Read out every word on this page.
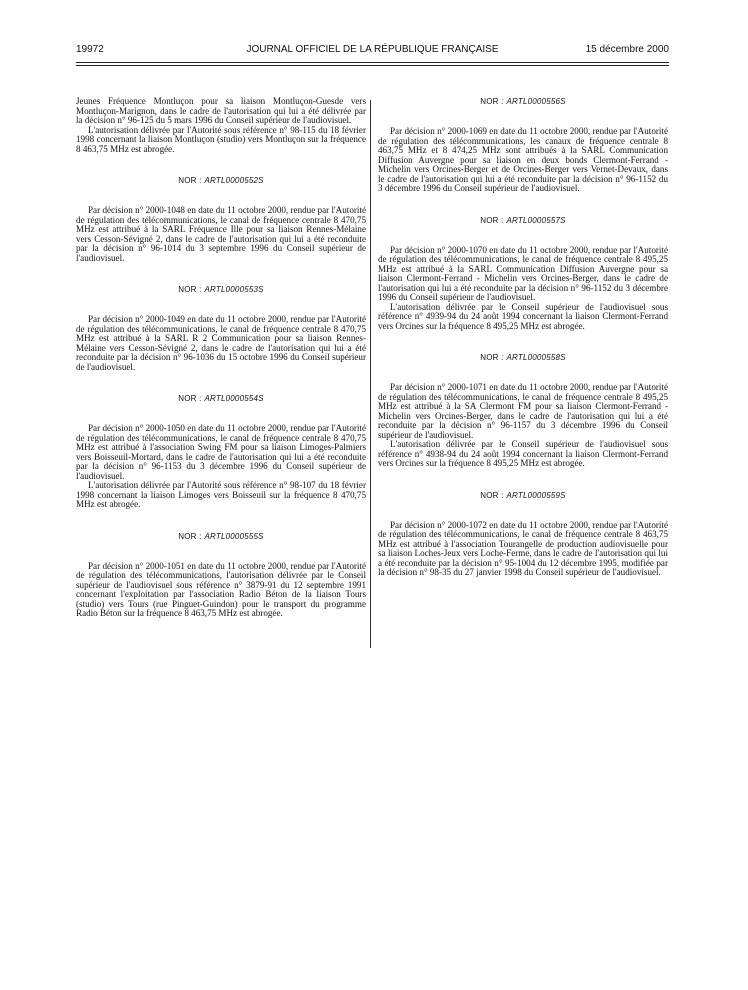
19972	JOURNAL OFFICIEL DE LA RÉPUBLIQUE FRANÇAISE	15 décembre 2000

Jeunes Fréquence Montluçon pour sa liaison Montluçon-Guesde vers Montluçon-Marignon, dans le cadre de l'autorisation qui lui a été délivrée par la décision n° 96-125 du 5 mars 1996 du Conseil supérieur de l'audiovisuel.

L'autorisation délivrée par l'Autorité sous référence n° 98-115 du 18 février 1998 concernant la liaison Montluçon (studio) vers Montluçon sur la fréquence 8 463,75 MHz est abrogée.

NOR : ARTL0000552S

Par décision n° 2000-1048 en date du 11 octobre 2000, rendue par l'Autorité de régulation des télécommunications, le canal de fréquence centrale 8 470,75 MHz est attribué à la SARL Fréquence Ille pour sa liaison Rennes-Mélaine vers Cesson-Sévigné 2, dans le cadre de l'autorisation qui lui a été reconduite par la décision n° 96-1014 du 3 septembre 1996 du Conseil supérieur de l'audiovisuel.

NOR : ARTL0000553S

Par décision n° 2000-1049 en date du 11 octobre 2000, rendue par l'Autorité de régulation des télécommunications, le canal de fréquence centrale 8 470,75 MHz est attribué à la SARL R 2 Communication pour sa liaison Rennes-Mélaine vers Cesson-Sévigné 2, dans le cadre de l'autorisation qui lui a été reconduite par la décision n° 96-1036 du 15 octobre 1996 du Conseil supérieur de l'audiovisuel.

NOR : ARTL0000554S

Par décision n° 2000-1050 en date du 11 octobre 2000, rendue par l'Autorité de régulation des télécommunications, le canal de fréquence centrale 8 470,75 MHz est attribué à l'association Swing FM pour sa liaison Limoges-Palmiers vers Boisseuil-Mortard, dans le cadre de l'autorisation qui lui a été reconduite par la décision n° 96-1153 du 3 décembre 1996 du Conseil supérieur de l'audiovisuel.

L'autorisation délivrée par l'Autorité sous référence n° 98-107 du 18 février 1998 concernant la liaison Limoges vers Boisseuil sur la fréquence 8 470,75 MHz est abrogée.

NOR : ARTL0000555S

Par décision n° 2000-1051 en date du 11 octobre 2000, rendue par l'Autorité de régulation des télécommunications, l'autorisation délivrée par le Conseil supérieur de l'audiovisuel sous référence n° 3879-91 du 12 septembre 1991 concernant l'exploitation par l'association Radio Béton de la liaison Tours (studio) vers Tours (rue Pinguet-Guindon) pour le transport du programme Radio Béton sur la fréquence 8 463,75 MHz est abrogée.

NOR : ARTL0000556S

Par décision n° 2000-1069 en date du 11 octobre 2000, rendue par l'Autorité de régulation des télécommunications, les canaux de fréquence centrale 8 463,75 MHz et 8 474,25 MHz sont attribués à la SARL Communication Diffusion Auvergne pour sa liaison en deux bonds Clermont-Ferrand - Michelin vers Orcines-Berger et de Orcines-Berger vers Vernet-Devaux, dans le cadre de l'autorisation qui lui a été reconduite par la décision n° 96-1152 du 3 décembre 1996 du Conseil supérieur de l'audiovisuel.

NOR : ARTL0000557S

Par décision n° 2000-1070 en date du 11 octobre 2000, rendue par l'Autorité de régulation des télécommunications, le canal de fréquence centrale 8 495,25 MHz est attribué à la SARL Communication Diffusion Auvergne pour sa liaison Clermont-Ferrand - Michelin vers Orcines-Berger, dans le cadre de l'autorisation qui lui a été reconduite par la décision n° 96-1152 du 3 décembre 1996 du Conseil supérieur de l'audiovisuel.

L'autorisation délivrée par le Conseil supérieur de l'audiovisuel sous référence n° 4939-94 du 24 août 1994 concernant la liaison Clermont-Ferrand vers Orcines sur la fréquence 8 495,25 MHz est abrogée.

NOR : ARTL0000558S

Par décision n° 2000-1071 en date du 11 octobre 2000, rendue par l'Autorité de régulation des télécommunications, le canal de fréquence centrale 8 495,25 MHz est attribué à la SA Clermont FM pour sa liaison Clermont-Ferrand - Michelin vers Orcines-Berger, dans le cadre de l'autorisation qui lui a été reconduite par la décision n° 96-1157 du 3 décembre 1996 du Conseil supérieur de l'audiovisuel.

L'autorisation délivrée par le Conseil supérieur de l'audiovisuel sous référence n° 4938-94 du 24 août 1994 concernant la liaison Clermont-Ferrand vers Orcines sur la fréquence 8 495,25 MHz est abrogée.

NOR : ARTL0000559S

Par décision n° 2000-1072 en date du 11 octobre 2000, rendue par l'Autorité de régulation des télécommunications, le canal de fréquence centrale 8 463,75 MHz est attribué à l'association Tourangelle de production audiovisuelle pour sa liaison Loches-Jeux vers Loche-Ferme, dans le cadre de l'autorisation qui lui a été reconduite par la décision n° 95-1004 du 12 décembre 1995, modifiée par la décision n° 98-35 du 27 janvier 1998 du Conseil supérieur de l'audiovisuel.
